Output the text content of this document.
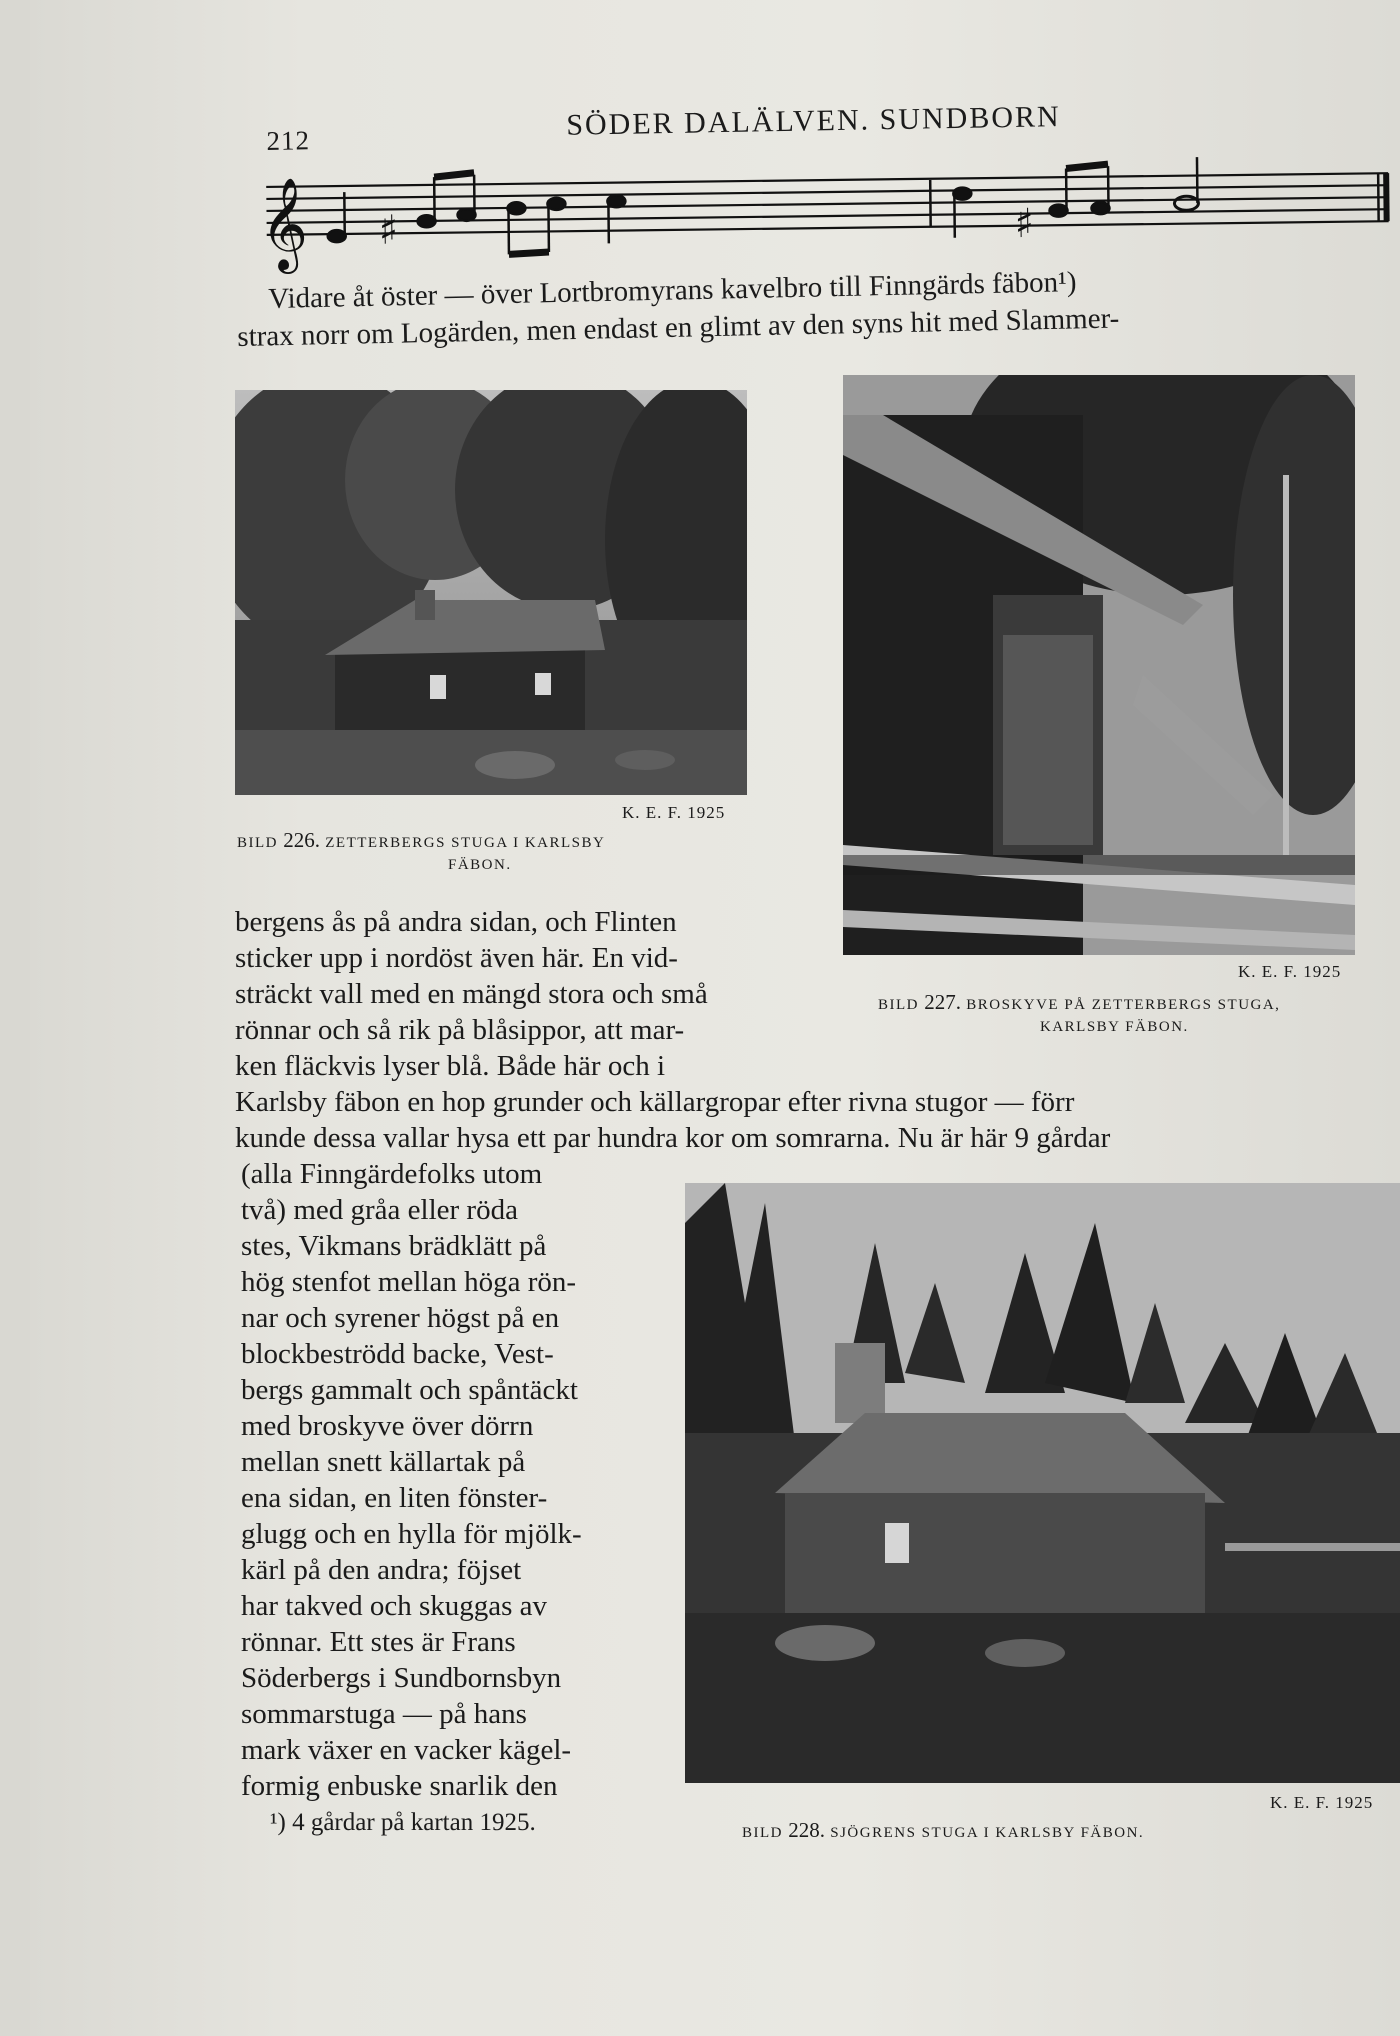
212	SÖDER DALÄLVEN. SUNDBORN
𝄞 ♯	♯
Vidare åt öster — över Lortbromyrans kavelbro till Finngärds fäbon¹)
strax norr om Logärden, men endast en glimt av den syns hit med Slammer-
K. E. F. 1925
BILD 226. ZETTERBERGS STUGA I KARLSBY
FÄBON.
K. E. F. 1925
BILD 227. BROSKYVE PÅ ZETTERBERGS STUGA,
KARLSBY FÄBON.
bergens ås på andra sidan, och Flinten
sticker upp i nordöst även här. En vid-
sträckt vall med en mängd stora och små
rönnar och så rik på blåsippor, att mar-
ken fläckvis lyser blå. Både här och i
Karlsby fäbon en hop grunder och källargropar efter rivna stugor — förr
kunde dessa vallar hysa ett par hundra kor om somrarna. Nu är här 9 gårdar
K. E. F. 1925
BILD 228. SJÖGRENS STUGA I KARLSBY FÄBON.
(alla Finngärdefolks utom
två) med gråa eller röda
stes, Vikmans brädklätt på
hög stenfot mellan höga rön-
nar och syrener högst på en
blockbeströdd backe, Vest-
bergs gammalt och spåntäckt
med broskyve över dörrn
mellan snett källartak på
ena sidan, en liten fönster-
glugg och en hylla för mjölk-
kärl på den andra; föjset
har takved och skuggas av
rönnar. Ett stes är Frans
Söderbergs i Sundbornsbyn
sommarstuga — på hans
mark växer en vacker kägel-
formig enbuske snarlik den
¹) 4 gårdar på kartan 1925.
